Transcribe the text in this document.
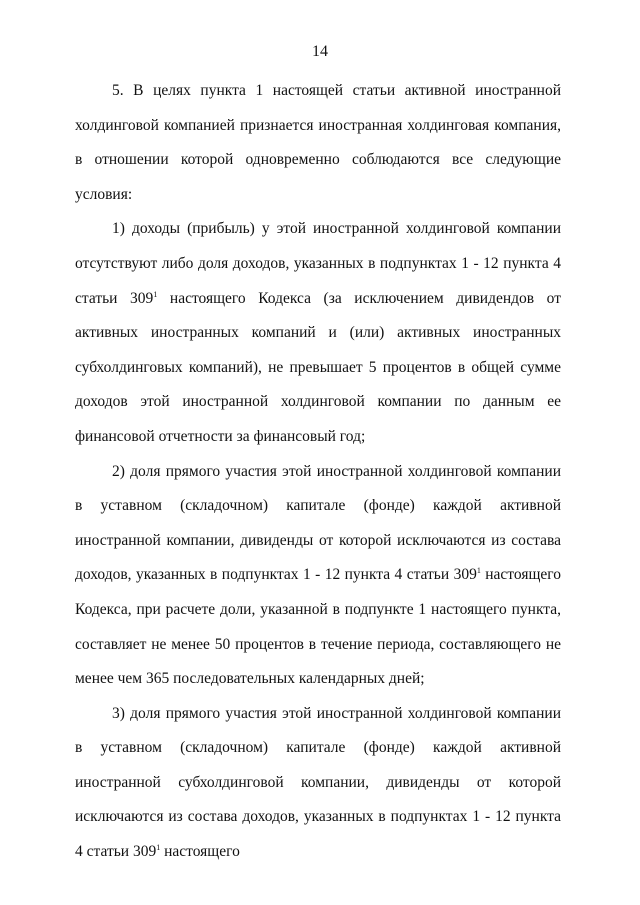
14

5. В целях пункта 1 настоящей статьи активной иностранной холдинговой компанией признается иностранная холдинговая компания, в отношении которой одновременно соблюдаются все следующие условия:

1) доходы (прибыль) у этой иностранной холдинговой компании отсутствуют либо доля доходов, указанных в подпунктах 1 - 12 пункта 4 статьи $309^1$ настоящего Кодекса (за исключением дивидендов от активных иностранных компаний и (или) активных иностранных субхолдинговых компаний), не превышает 5 процентов в общей сумме доходов этой иностранной холдинговой компании по данным ее финансовой отчетности за финансовый год;

2) доля прямого участия этой иностранной холдинговой компании в уставном (складочном) капитале (фонде) каждой активной иностранной компании, дивиденды от которой исключаются из состава доходов, указанных в подпунктах 1 - 12 пункта 4 статьи $309^1$ настоящего Кодекса, при расчете доли, указанной в подпункте 1 настоящего пункта, составляет не менее 50 процентов в течение периода, составляющего не менее чем 365 последовательных календарных дней;

3) доля прямого участия этой иностранной холдинговой компании в уставном (складочном) капитале (фонде) каждой активной иностранной субхолдинговой компании, дивиденды от которой исключаются из состава доходов, указанных в подпунктах 1 - 12 пункта 4 статьи $309^1$ настоящего
